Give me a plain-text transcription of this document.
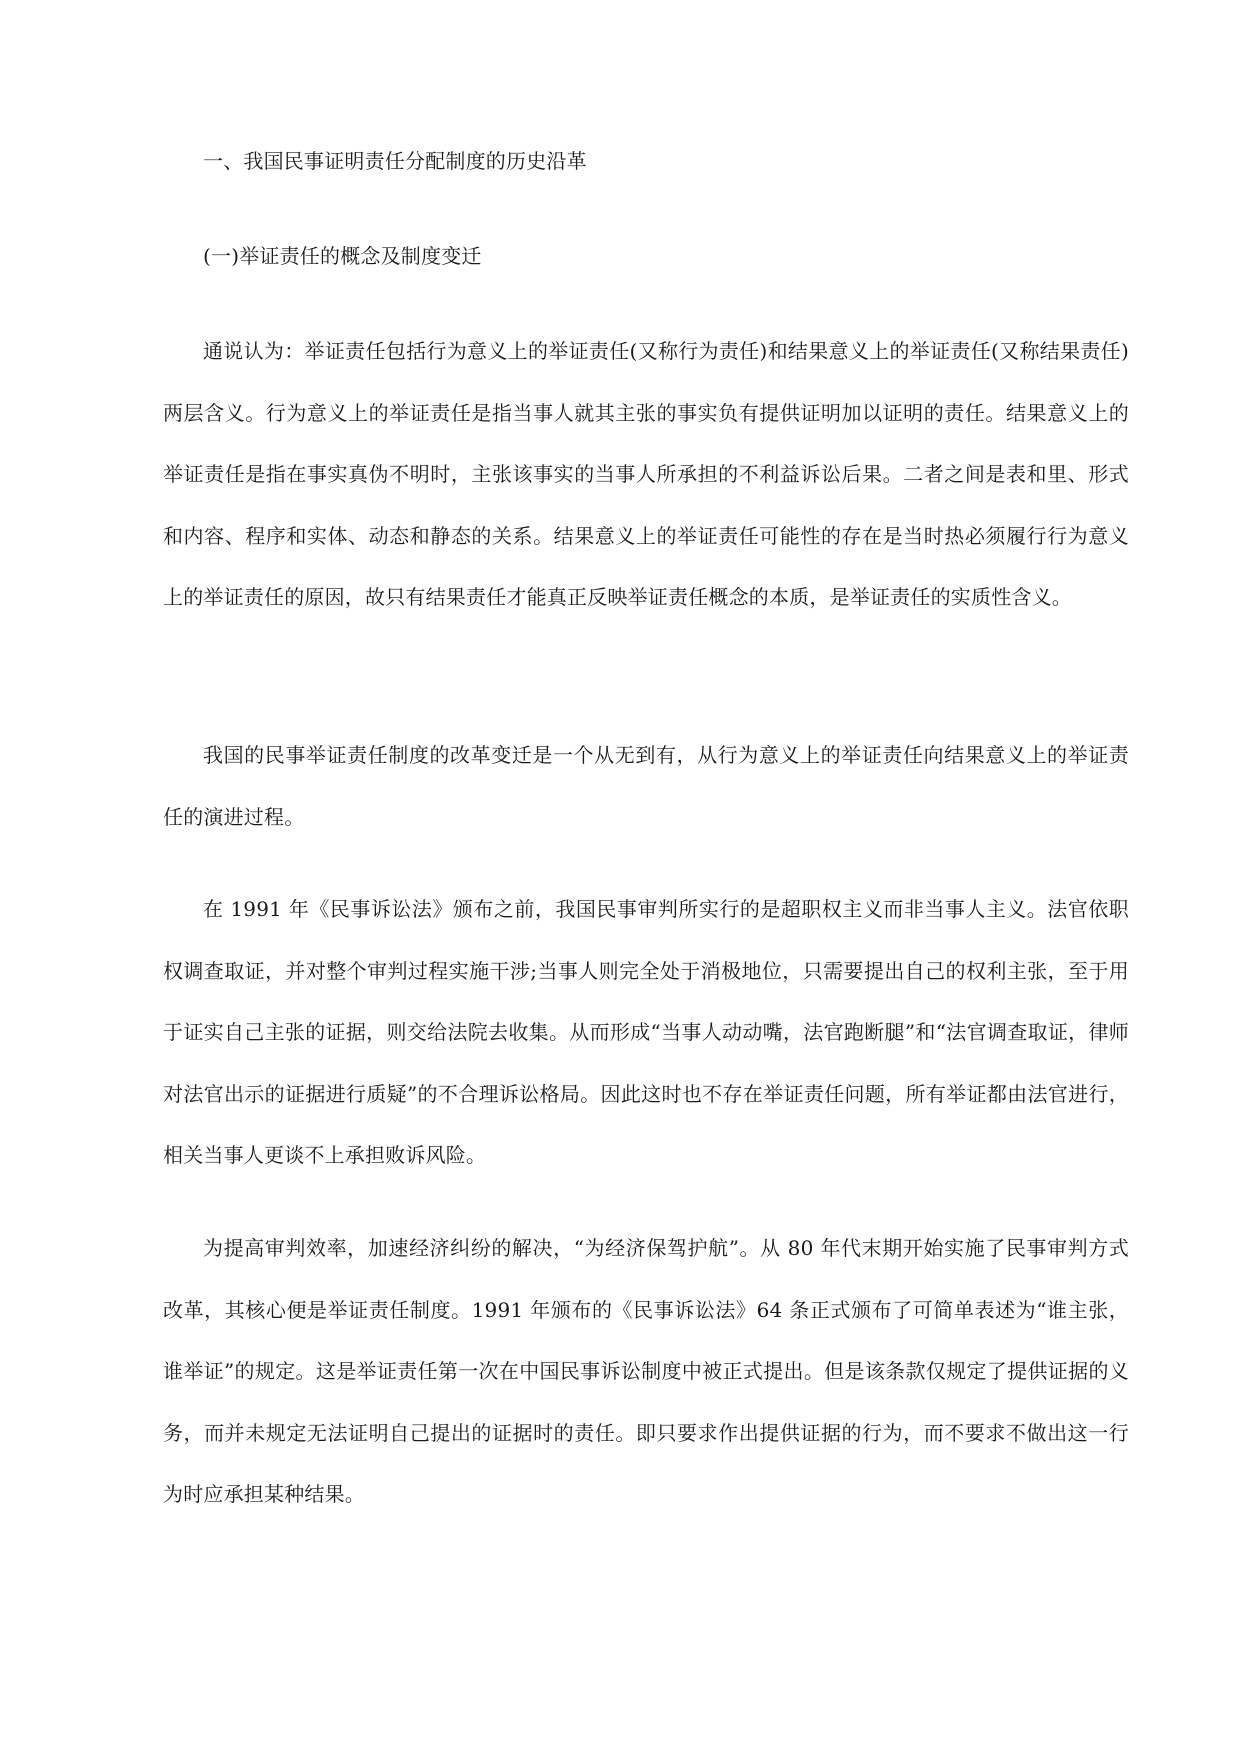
一、我国民事证明责任分配制度的历史沿革

(一)举证责任的概念及制度变迁

通说认为：举证责任包括行为意义上的举证责任(又称行为责任)和结果意义上的举证责任(又称结果责任)两层含义。行为意义上的举证责任是指当事人就其主张的事实负有提供证明加以证明的责任。结果意义上的举证责任是指在事实真伪不明时，主张该事实的当事人所承担的不利益诉讼后果。二者之间是表和里、形式和内容、程序和实体、动态和静态的关系。结果意义上的举证责任可能性的存在是当时热必须履行行为意义上的举证责任的原因，故只有结果责任才能真正反映举证责任概念的本质，是举证责任的实质性含义。

我国的民事举证责任制度的改革变迁是一个从无到有，从行为意义上的举证责任向结果意义上的举证责任的演进过程。

在 1991 年《民事诉讼法》颁布之前，我国民事审判所实行的是超职权主义而非当事人主义。法官依职权调查取证，并对整个审判过程实施干涉;当事人则完全处于消极地位，只需要提出自己的权利主张，至于用于证实自己主张的证据，则交给法院去收集。从而形成“当事人动动嘴，法官跑断腿”和“法官调查取证，律师对法官出示的证据进行质疑”的不合理诉讼格局。因此这时也不存在举证责任问题，所有举证都由法官进行，相关当事人更谈不上承担败诉风险。

为提高审判效率，加速经济纠纷的解决，“为经济保驾护航”。从 80 年代末期开始实施了民事审判方式改革，其核心便是举证责任制度。1991 年颁布的《民事诉讼法》64 条正式颁布了可简单表述为“谁主张，谁举证”的规定。这是举证责任第一次在中国民事诉讼制度中被正式提出。但是该条款仅规定了提供证据的义务，而并未规定无法证明自己提出的证据时的责任。即只要求作出提供证据的行为，而不要求不做出这一行为时应承担某种结果。
